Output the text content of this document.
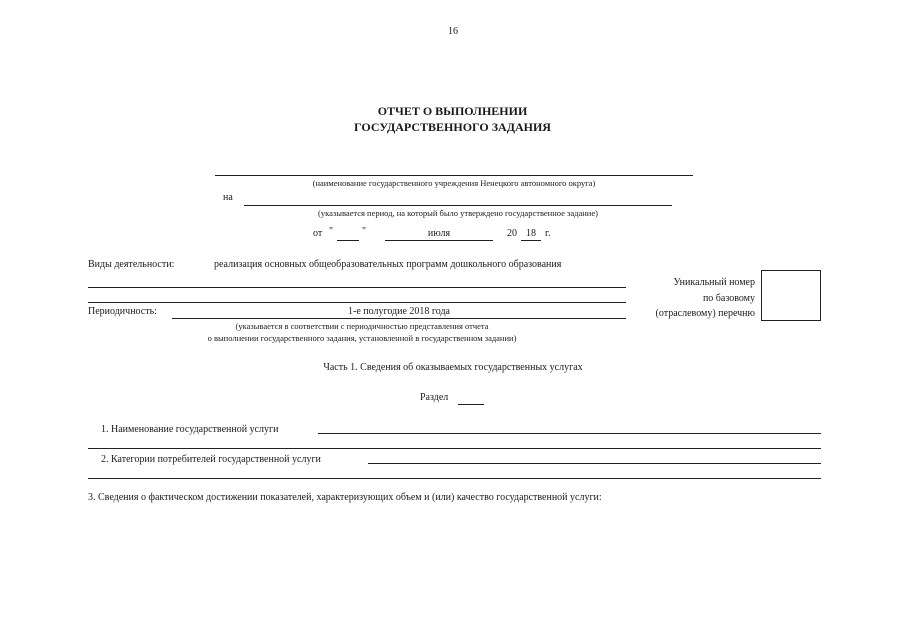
16
ОТЧЕТ О ВЫПОЛНЕНИИ
ГОСУДАРСТВЕННОГО ЗАДАНИЯ
(наименование государственного учреждения Ненецкого автономного округа)
на
(указывается период, на который было утверждено государственное задание)
от "	"	июля	20 18 г.
Виды деятельности:	реализация основных общеобразовательных программ дошкольного образования
Уникальный номер
по базовому
(отраслевому) перечню
Периодичность:	1-е полугодие 2018 года
(указывается в соответствии с периодичностью представления отчета
о выполнении государственного задания, установленной в государственном задании)
Часть 1. Сведения об оказываемых государственных услугах
Раздел
1. Наименование государственной услуги
2. Категории потребителей государственной услуги
3. Сведения о фактическом достижении показателей, характеризующих объем и (или) качество государственной услуги:
